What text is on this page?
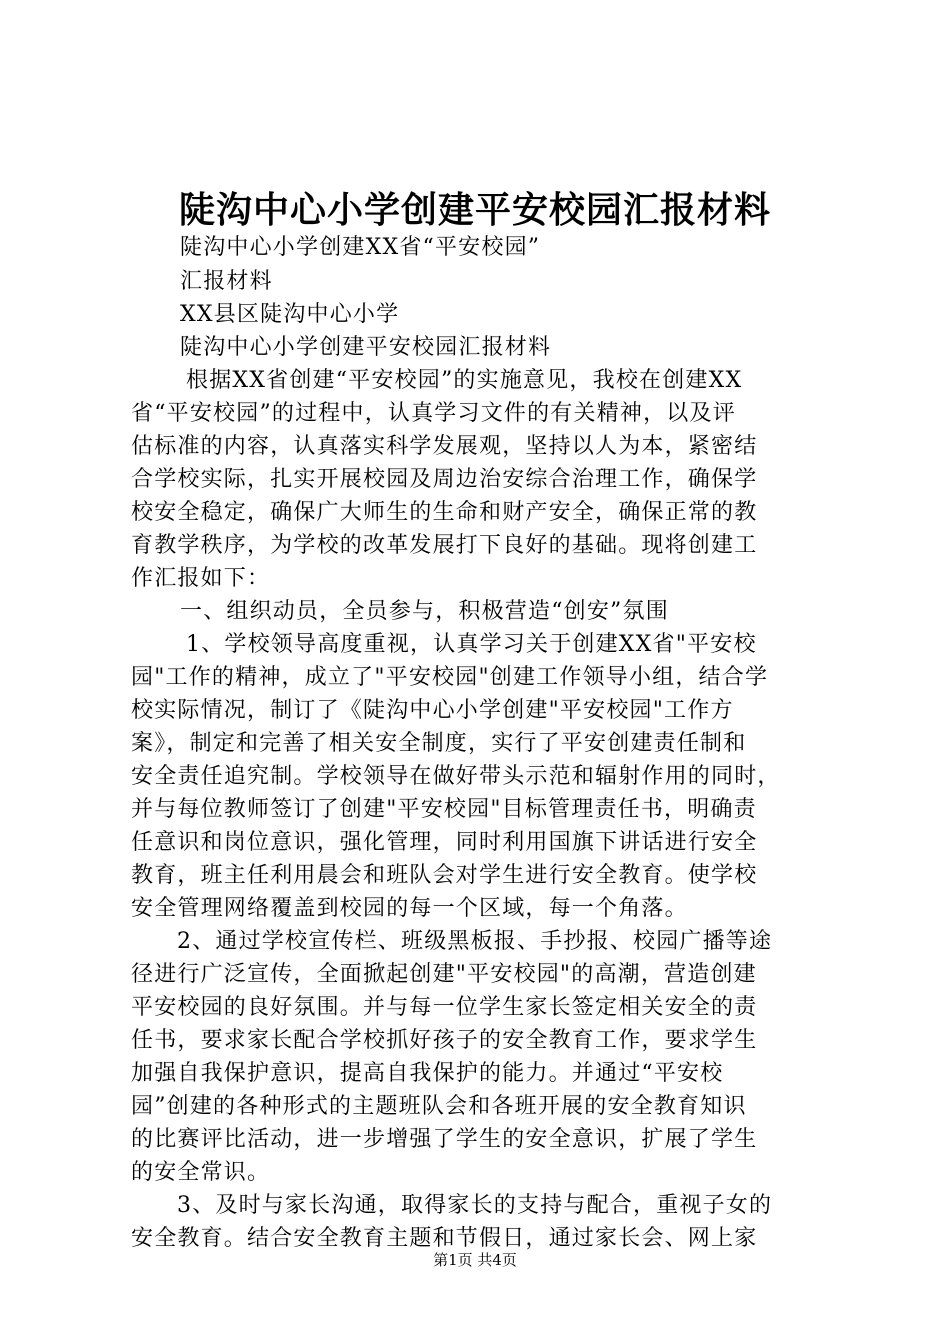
陡沟中心小学创建平安校园汇报材料
陡沟中心小学创建XX省“平安校园”
汇报材料
XX县区陡沟中心小学
陡沟中心小学创建平安校园汇报材料
根据XX省创建“平安校园”的实施意见，我校在创建XX
省“平安校园”的过程中，认真学习文件的有关精神，以及评
估标准的内容，认真落实科学发展观，坚持以人为本，紧密结
合学校实际，扎实开展校园及周边治安综合治理工作，确保学
校安全稳定，确保广大师生的生命和财产安全，确保正常的教
育教学秩序，为学校的改革发展打下良好的基础。现将创建工
作汇报如下：
一、组织动员，全员参与，积极营造“创安”氛围
1、学校领导高度重视，认真学习关于创建XX省"平安校
园"工作的精神，成立了"平安校园"创建工作领导小组，结合学
校实际情况，制订了《陡沟中心小学创建"平安校园"工作方
案》，制定和完善了相关安全制度，实行了平安创建责任制和
安全责任追究制。学校领导在做好带头示范和辐射作用的同时，
并与每位教师签订了创建"平安校园"目标管理责任书，明确责
任意识和岗位意识，强化管理，同时利用国旗下讲话进行安全
教育，班主任利用晨会和班队会对学生进行安全教育。使学校
安全管理网络覆盖到校园的每一个区域，每一个角落。
2、通过学校宣传栏、班级黑板报、手抄报、校园广播等途
径进行广泛宣传，全面掀起创建"平安校园"的高潮，营造创建
平安校园的良好氛围。并与每一位学生家长签定相关安全的责
任书，要求家长配合学校抓好孩子的安全教育工作，要求学生
加强自我保护意识，提高自我保护的能力。并通过“平安校
园”创建的各种形式的主题班队会和各班开展的安全教育知识
的比赛评比活动，进一步增强了学生的安全意识，扩展了学生
的安全常识。
3、及时与家长沟通，取得家长的支持与配合，重视子女的
安全教育。结合安全教育主题和节假日，通过家长会、网上家
第1页 共4页
